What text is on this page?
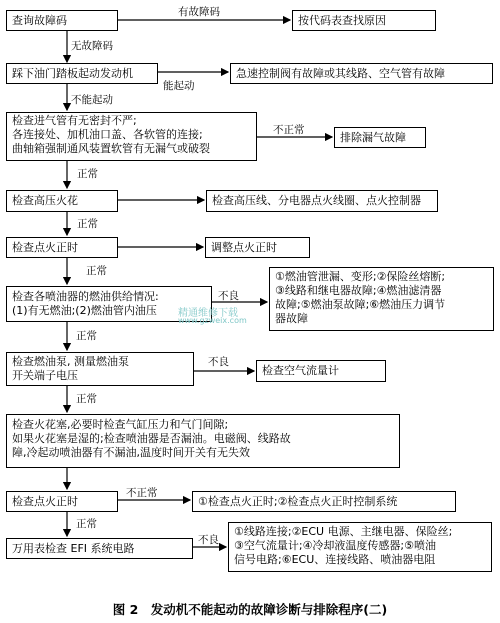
查询故障码
有故障码
按代码表查找原因
无故障码
踩下油门踏板起动发动机
能起动
急速控制阀有故障或其线路、空气管有故障
不能起动
检查进气管有无密封不严;
各连接处、加机油口盖、各软管的连接;
曲轴箱强制通风装置软管有无漏气或破裂
不正常
排除漏气故障
正常
检查高压火花	检查高压线、分电器点火线圈、点火控制器
正常
检查点火正时	调整点火正时
正常
检查各喷油器的燃油供给情况:
(1)有无燃油;(2)燃油管内油压
不良
①燃油管泄漏、变形;②保险丝熔断;
③线路和继电器故障;④燃油滤清器
故障;⑤燃油泵故障;⑥燃油压力调节
器故障
精通维修下载
www.gzweix.com
正常
检查燃油泵, 测量燃油泵
开关端子电压
不良
检查空气流量计
正常
检查火花塞,必要时检查气缸压力和气门间隙;
如果火花塞是湿的;检查喷油器是否漏油。电磁阀、线路故
障,冷起动喷油器有不漏油,温度时间开关有无失效
检查点火正时
不正常
①检查点火正时;②检查点火正时控制系统
正常
万用表检查 EFI 系统电路
不良
①线路连接;②ECU 电源、主继电器、保险丝;
③空气流量计;④冷却液温度传感器;⑤喷油
信号电路;⑥ECU、连接线路、喷油器电阻
图 2　发动机不能起动的故障诊断与排除程序(二)
